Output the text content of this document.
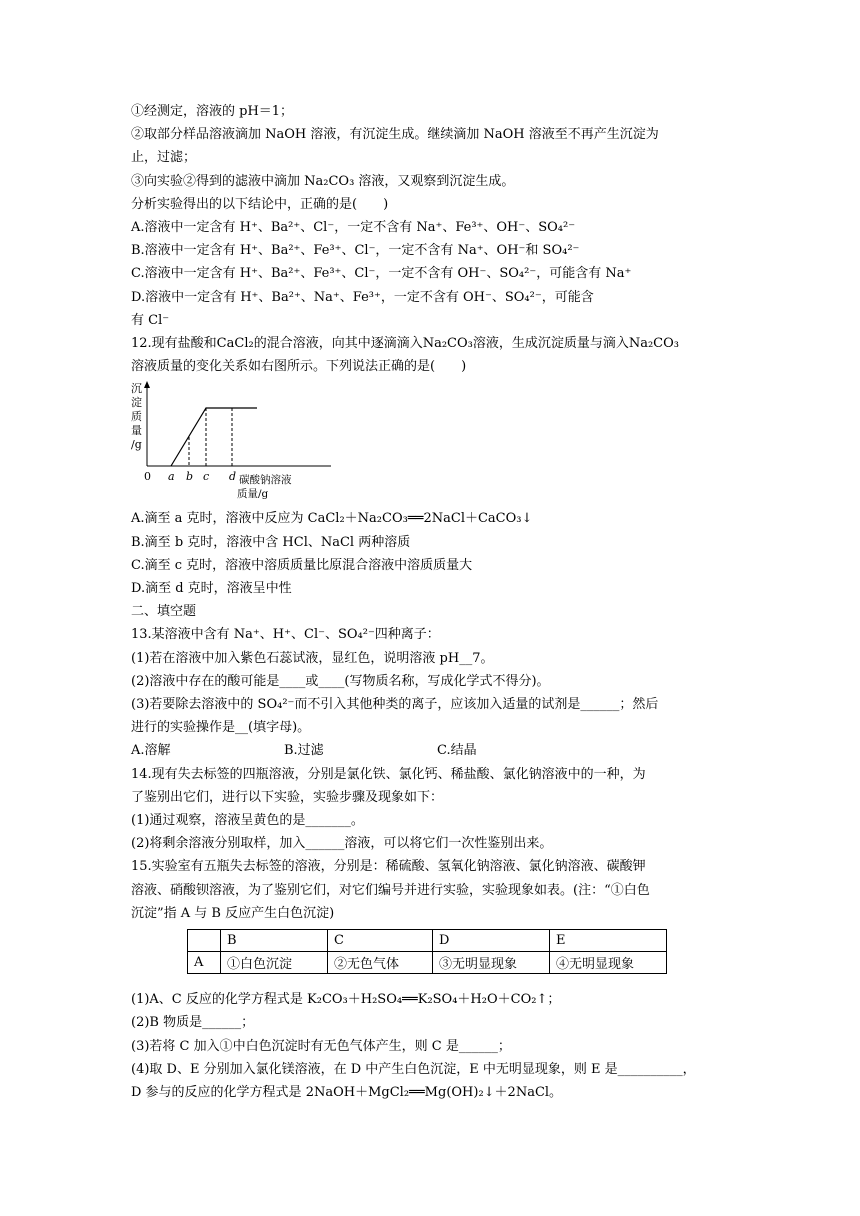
①经测定，溶液的 pH＝1；
②取部分样品溶液滴加 NaOH 溶液，有沉淀生成。继续滴加 NaOH 溶液至不再产生沉淀为
止，过滤；
③向实验②得到的滤液中滴加 Na₂CO₃ 溶液，又观察到沉淀生成。
分析实验得出的以下结论中，正确的是(　　)
A.溶液中一定含有 H⁺、Ba²⁺、Cl⁻，一定不含有 Na⁺、Fe³⁺、OH⁻、SO₄²⁻
B.溶液中一定含有 H⁺、Ba²⁺、Fe³⁺、Cl⁻，一定不含有 Na⁺、OH⁻和 SO₄²⁻
C.溶液中一定含有 H⁺、Ba²⁺、Fe³⁺、Cl⁻，一定不含有 OH⁻、SO₄²⁻，可能含有 Na⁺
D.溶液中一定含有 H⁺、Ba²⁺、Na⁺、Fe³⁺，一定不含有 OH⁻、SO₄²⁻，可能含
有 Cl⁻
12.现有盐酸和CaCl₂的混合溶液，向其中逐滴滴入Na₂CO₃溶液，生成沉淀质量与滴入Na₂CO₃
溶液质量的变化关系如右图所示。下列说法正确的是(　　)
沉
淀
质
量
/g
0 a b c d 碳酸钠溶液
质量/g
A.滴至 a 克时，溶液中反应为 CaCl₂＋Na₂CO₃══2NaCl＋CaCO₃↓
B.滴至 b 克时，溶液中含 HCl、NaCl 两种溶质
C.滴至 c 克时，溶液中溶质质量比原混合溶液中溶质质量大
D.滴至 d 克时，溶液呈中性
二、填空题
13.某溶液中含有 Na⁺、H⁺、Cl⁻、SO₄²⁻四种离子：
(1)若在溶液中加入紫色石蕊试液，显红色，说明溶液 pH__7。
(2)溶液中存在的酸可能是____或____(写物质名称，写成化学式不得分)。
(3)若要除去溶液中的 SO₄²⁻而不引入其他种类的离子，应该加入适量的试剂是______；然后
进行的实验操作是__(填字母)。
A.溶解	B.过滤	C.结晶
14.现有失去标签的四瓶溶液，分别是氯化铁、氯化钙、稀盐酸、氯化钠溶液中的一种，为
了鉴别出它们，进行以下实验，实验步骤及现象如下：
(1)通过观察，溶液呈黄色的是_______。
(2)将剩余溶液分别取样，加入______溶液，可以将它们一次性鉴别出来。
15.实验室有五瓶失去标签的溶液，分别是：稀硫酸、氢氧化钠溶液、氯化钠溶液、碳酸钾
溶液、硝酸钡溶液，为了鉴别它们，对它们编号并进行实验，实验现象如表。(注：“①白色
沉淀”指 A 与 B 反应产生白色沉淀)
	B	C	D	E
A	①白色沉淀	②无色气体	③无明显现象	④无明显现象
(1)A、C 反应的化学方程式是 K₂CO₃＋H₂SO₄══K₂SO₄＋H₂O＋CO₂↑；
(2)B 物质是______；
(3)若将 C 加入①中白色沉淀时有无色气体产生，则 C 是______；
(4)取 D、E 分别加入氯化镁溶液，在 D 中产生白色沉淀，E 中无明显现象，则 E 是__________，
D 参与的反应的化学方程式是 2NaOH＋MgCl₂══Mg(OH)₂↓＋2NaCl。
